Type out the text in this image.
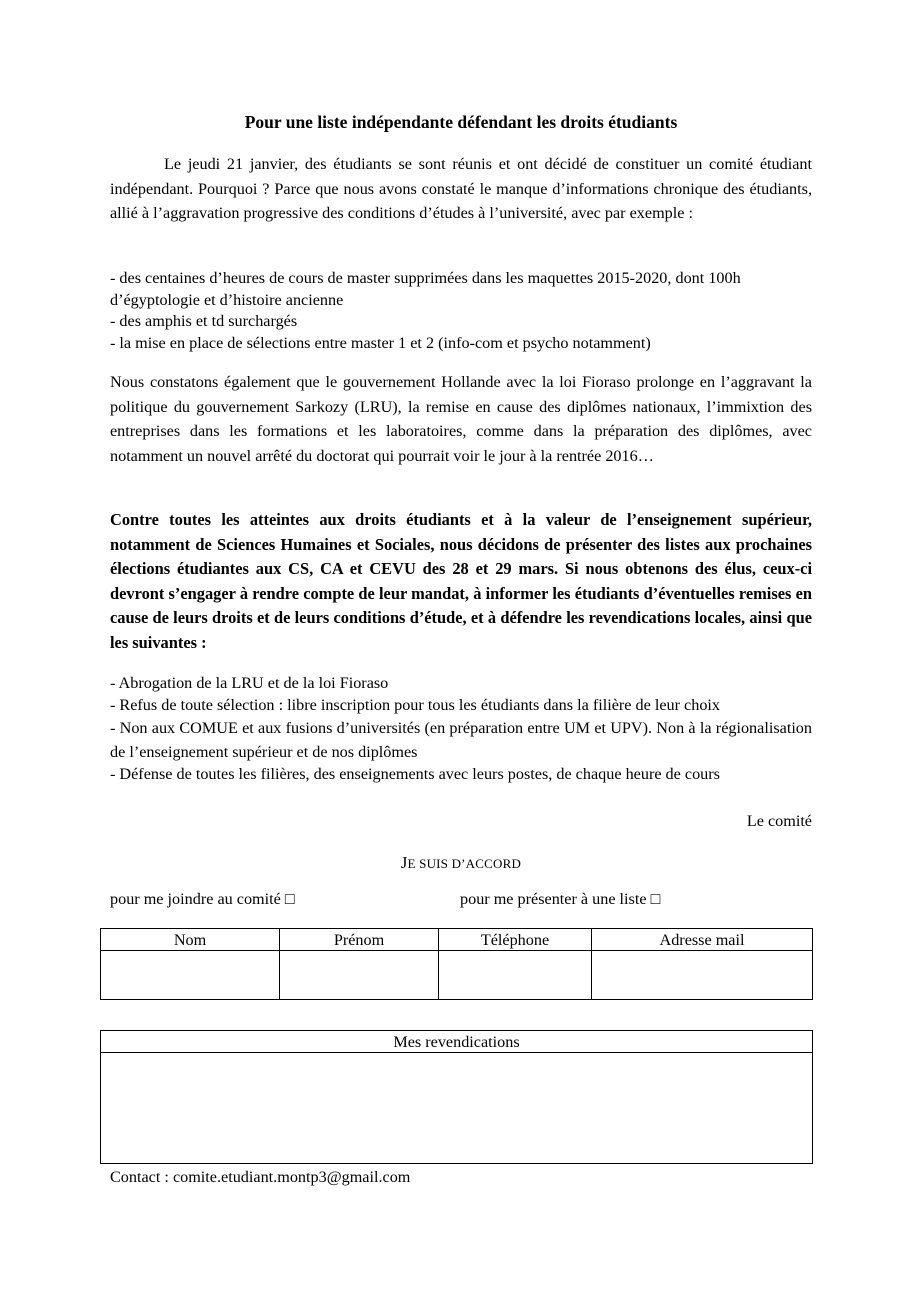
Pour une liste indépendante défendant les droits étudiants

Le jeudi 21 janvier, des étudiants se sont réunis et ont décidé de constituer un comité étudiant indépendant. Pourquoi ? Parce que nous avons constaté le manque d’informations chronique des étudiants, allié à l’aggravation progressive des conditions d’études à l’université, avec par exemple :

- des centaines d’heures de cours de master supprimées dans les maquettes 2015-2020, dont 100h d’égyptologie et d’histoire ancienne

- des amphis et td surchargés

- la mise en place de sélections entre master 1 et 2 (info-com et psycho notamment)

Nous constatons également que le gouvernement Hollande avec la loi Fioraso prolonge en l’aggravant la politique du gouvernement Sarkozy (LRU), la remise en cause des diplômes nationaux, l’immixtion des entreprises dans les formations et les laboratoires, comme dans la préparation des diplômes, avec notamment un nouvel arrêté du doctorat qui pourrait voir le jour à la rentrée 2016…

Contre toutes les atteintes aux droits étudiants et à la valeur de l’enseignement supérieur, notamment de Sciences Humaines et Sociales, nous décidons de présenter des listes aux prochaines élections étudiantes aux CS, CA et CEVU des 28 et 29 mars. Si nous obtenons des élus, ceux-ci devront s’engager à rendre compte de leur mandat, à informer les étudiants d’éventuelles remises en cause de leurs droits et de leurs conditions d’étude, et à défendre les revendications locales, ainsi que les suivantes :

- Abrogation de la LRU et de la loi Fioraso

- Refus de toute sélection : libre inscription pour tous les étudiants dans la filière de leur choix

- Non aux COMUE et aux fusions d’universités (en préparation entre UM et UPV). Non à la régionalisation de l’enseignement supérieur et de nos diplômes

- Défense de toutes les filières, des enseignements avec leurs postes, de chaque heure de cours

Le comité
JE SUIS D’ACCORD
pour me joindre au comité □	pour me présenter à une liste □
Nom	Prénom	Téléphone	Adresse mail

Mes revendications

Contact : comite.etudiant.montp3@gmail.com
